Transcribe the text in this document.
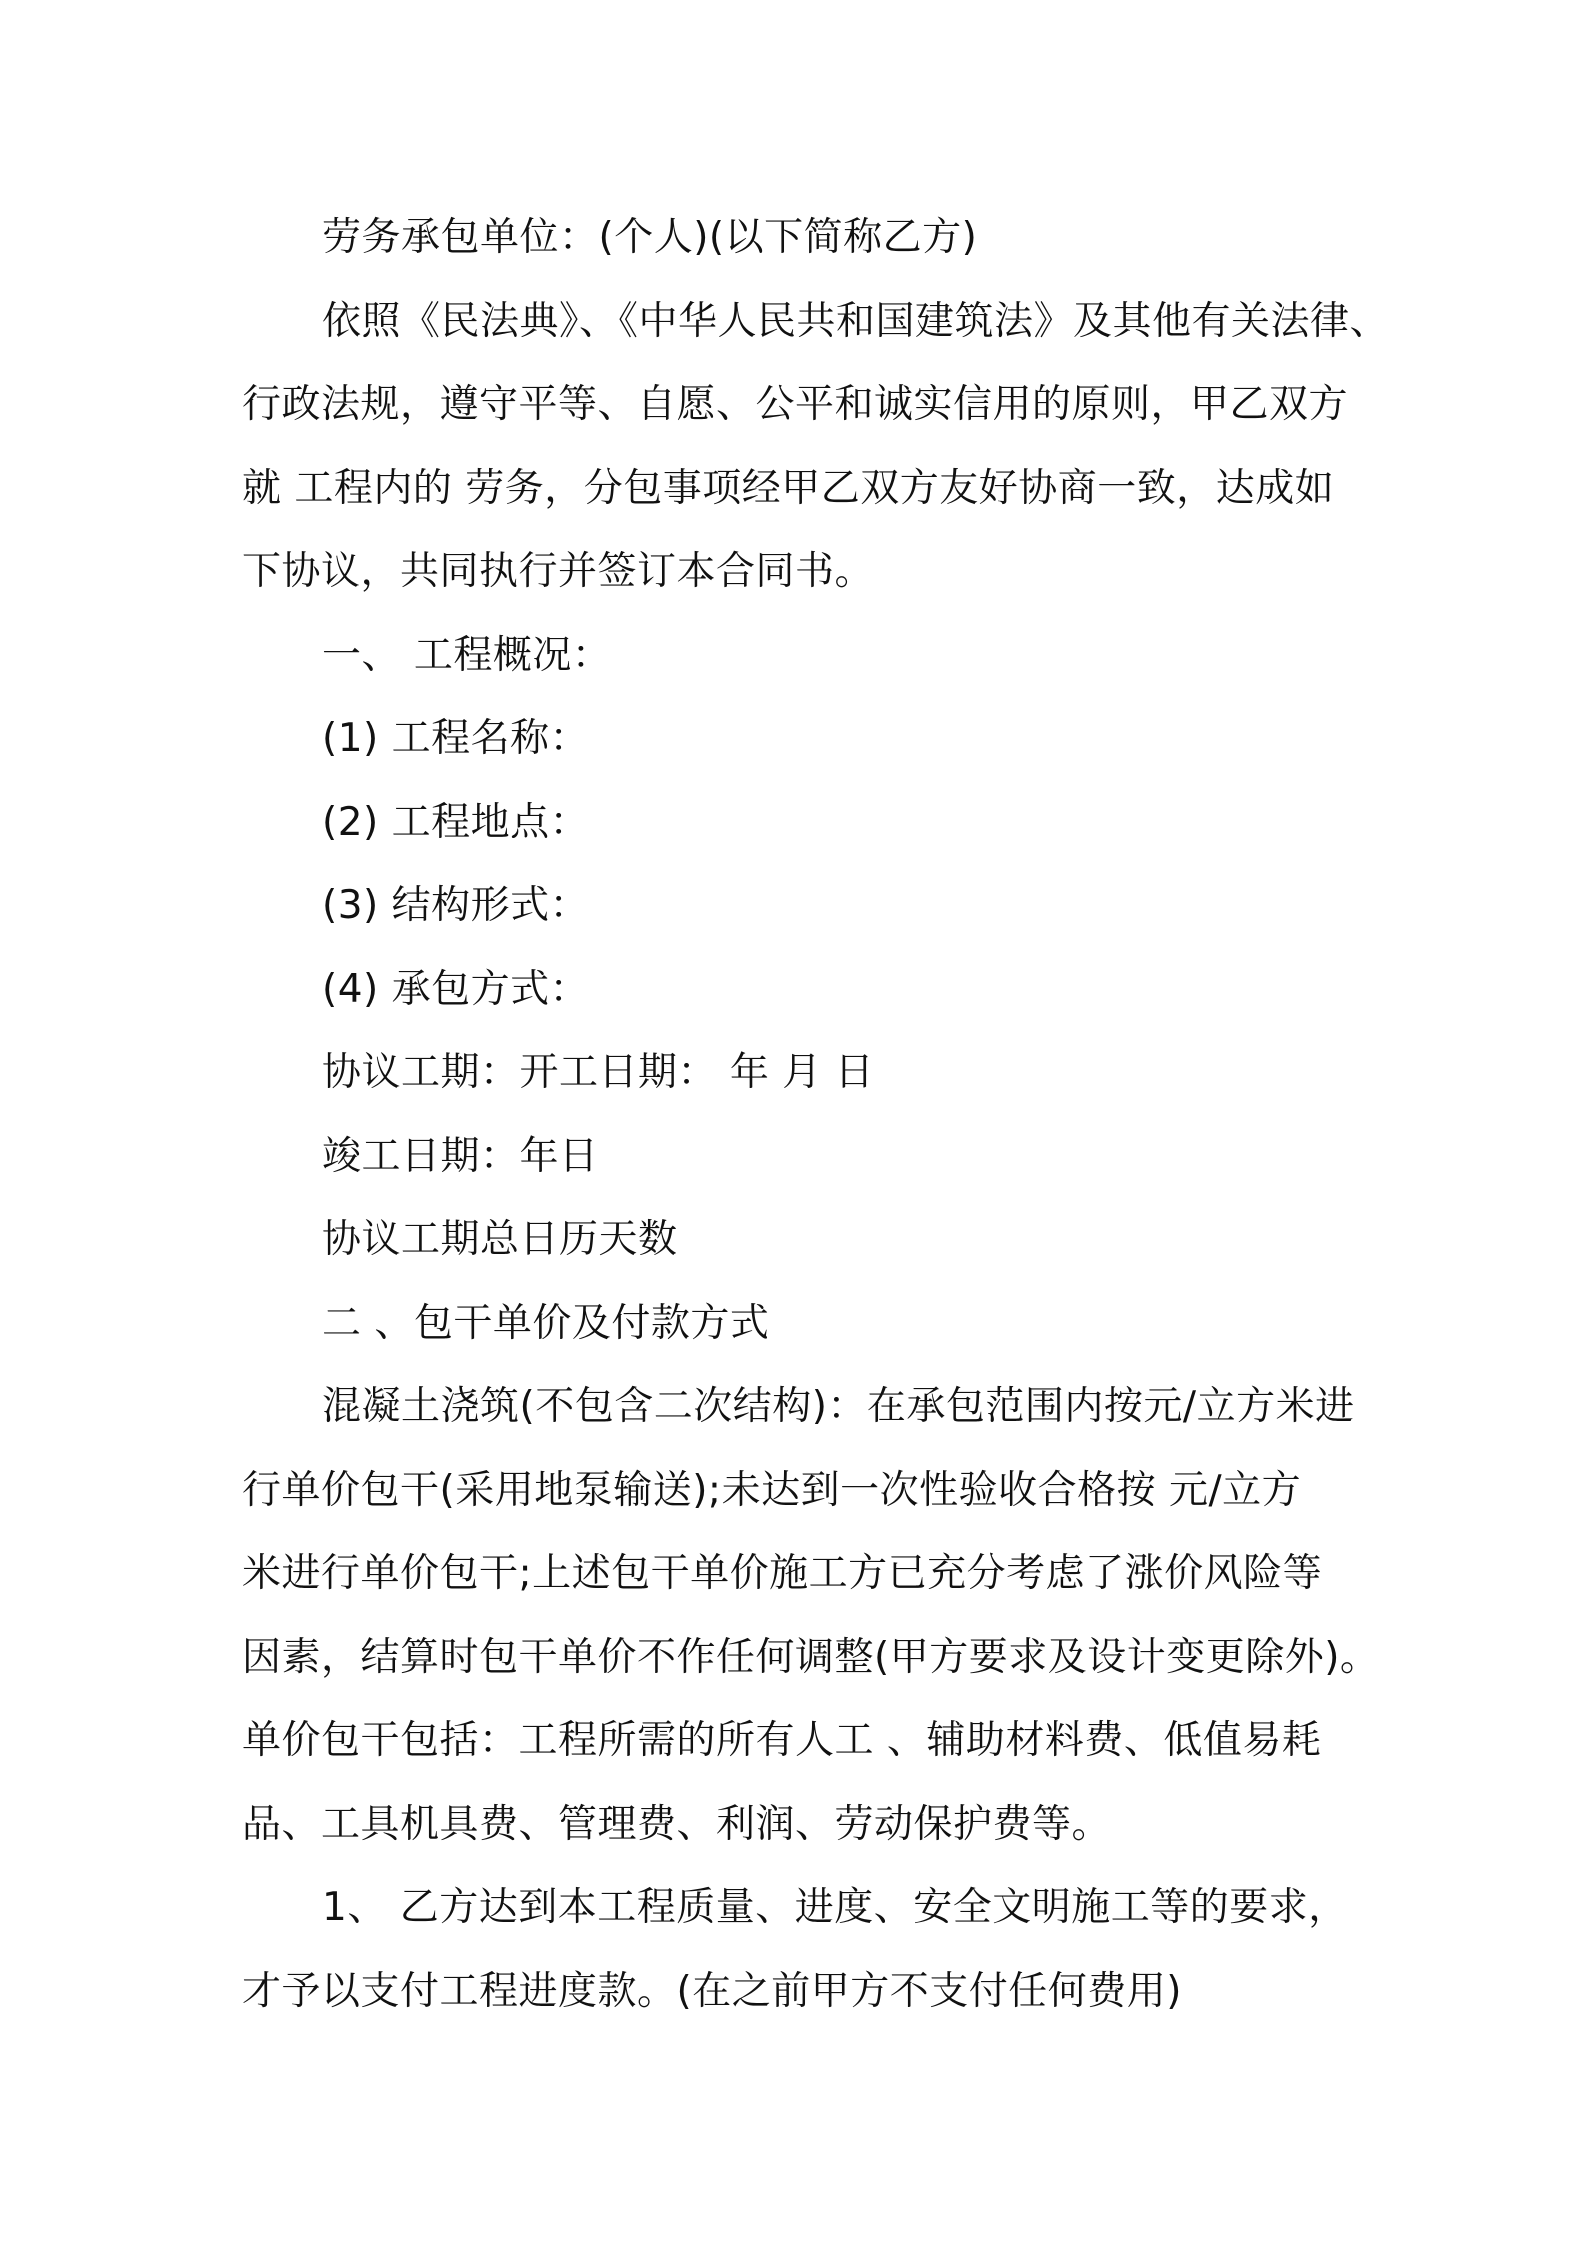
劳务承包单位：(个人)(以下简称乙方)
依照《民法典》、《中华人民共和国建筑法》及其他有关法律、
行政法规，遵守平等、自愿、公平和诚实信用的原则，甲乙双方
就 工程内的 劳务，分包事项经甲乙双方友好协商一致，达成如
下协议，共同执行并签订本合同书。
一、 工程概况：
(1) 工程名称：
(2) 工程地点：
(3) 结构形式：
(4) 承包方式：
协议工期：开工日期： 年 月 日
竣工日期：年日
协议工期总日历天数
二 、包干单价及付款方式
混凝土浇筑(不包含二次结构)：在承包范围内按元/立方米进
行单价包干(采用地泵输送);未达到一次性验收合格按 元/立方
米进行单价包干;上述包干单价施工方已充分考虑了涨价风险等
因素，结算时包干单价不作任何调整(甲方要求及设计变更除外)。
单价包干包括：工程所需的所有人工 、辅助材料费、低值易耗
品、工具机具费、管理费、利润、劳动保护费等。
1、 乙方达到本工程质量、进度、安全文明施工等的要求，
才予以支付工程进度款。(在之前甲方不支付任何费用)
